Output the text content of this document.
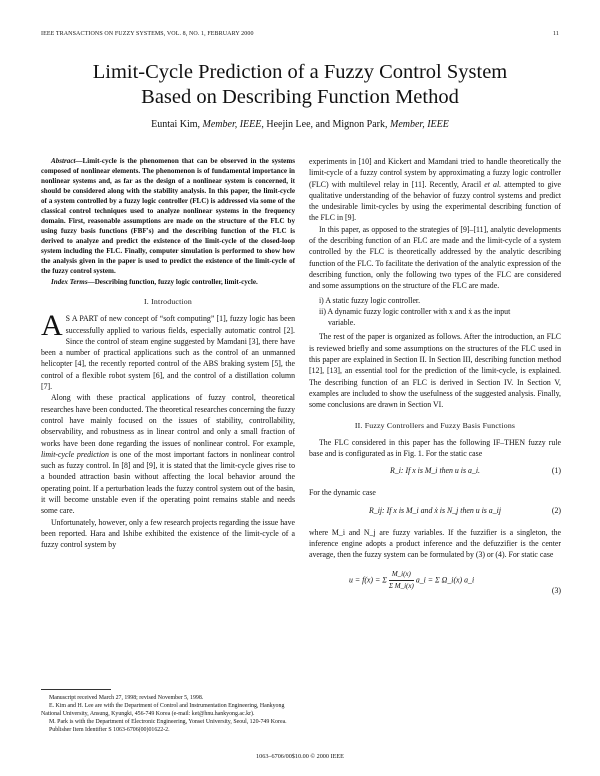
IEEE TRANSACTIONS ON FUZZY SYSTEMS, VOL. 8, NO. 1, FEBRUARY 2000	11
Limit-Cycle Prediction of a Fuzzy Control System
Based on Describing Function Method
Euntai Kim, Member, IEEE, Heejin Lee, and Mignon Park, Member, IEEE

Abstract—Limit-cycle is the phenomenon that can be observed in the systems composed of nonlinear elements. The phenomenon is of fundamental importance in nonlinear systems and, as far as the design of a nonlinear system is concerned, it should be considered along with the stability analysis. In this paper, the limit-cycle of a system controlled by a fuzzy logic controller (FLC) is addressed via some of the classical control techniques used to analyze nonlinear systems in the frequency domain. First, reasonable assumptions are made on the structure of the FLC by using fuzzy basis functions (FBF's) and the describing function of the FLC is derived to analyze and predict the existence of the limit-cycle of the closed-loop system including the FLC. Finally, computer simulation is performed to show how the analysis given in the paper is used to predict the existence of the limit-cycle of the fuzzy control system.

Index Terms—Describing function, fuzzy logic controller, limit-cycle.

I. Introduction

A S A PART of new concept of “soft computing” [1], fuzzy logic has been successfully applied to various fields, especially automatic control [2]. Since the control of steam engine suggested by Mamdani [3], there have been a number of practical applications such as the control of an unmanned helicopter [4], the recently reported control of the ABS braking system [5], the control of a flexible robot system [6], and the control of a distillation column [7].

Along with these practical applications of fuzzy control, theoretical researches have been conducted. The theoretical researches concerning the fuzzy control have mainly focused on the issues of stability, controllability, observability, and robustness as in linear control and only a small fraction of works have been done regarding the issues of nonlinear control. For example, limit-cycle prediction is one of the most important factors in nonlinear control such as fuzzy control. In [8] and [9], it is stated that the limit-cycle gives rise to a bounded attraction basin without affecting the local behavior around the operating point. If a perturbation leads the fuzzy control system out of the basin, it will become unstable even if the operating point remains stable and needs some care.

Unfortunately, however, only a few research projects regarding the issue have been reported. Hara and Ishibe exhibited the existence of the limit-cycle of a fuzzy control system by

experiments in [10] and Kickert and Mamdani tried to handle theoretically the limit-cycle of a fuzzy control system by approximating a fuzzy logic controller (FLC) with multilevel relay in [11]. Recently, Aracil et al. attempted to give qualitative understanding of the behavior of fuzzy control systems and predict the undesirable limit-cycles by using the experimental describing function of the FLC in [9].

In this paper, as opposed to the strategies of [9]–[11], analytic developments of the describing function of an FLC are made and the limit-cycle of a system controlled by the FLC is theoretically addressed by the analytic describing function of the FLC. To facilitate the derivation of the analytic expression of the describing function, only the following two types of the FLC are considered and some assumptions on the structure of the FLC are made.

i) A static fuzzy logic controller.
ii) A dynamic fuzzy logic controller with x and ẋ as the input
variable.

The rest of the paper is organized as follows. After the introduction, an FLC is reviewed briefly and some assumptions on the structures of the FLC used in this paper are explained in Section II. In Section III, describing function method [12], [13], an essential tool for the prediction of the limit-cycle, is explained. The describing function of an FLC is derived in Section IV. In Section V, examples are included to show the usefulness of the suggested analysis. Finally, some conclusions are drawn in Section VI.

II. Fuzzy Controllers and Fuzzy Basis Functions

The FLC considered in this paper has the following IF–THEN fuzzy rule base and is configurated as in Fig. 1. For the static case

R_i: If x is M_i then u is a_i.	(1)

For the dynamic case

R_ij: If x is M_i and ẋ is N_j then u is a_ij	(2)

where M_i and N_j are fuzzy variables. If the fuzzifier is a singleton, the inference engine adopts a product inference and the defuzzifier is the center average, then the fuzzy system can be formulated by (3) or (4). For static case

u = f(x) = Σ $\frac{M\_i(x)}{\text{Σ M\_i(x)}}$ a_i = Σ Ω_i(x) a_i
(3)

Manuscript received March 27, 1998; revised November 5, 1998.

E. Kim and H. Lee are with the Department of Control and Instrumentation Engineering, Hankyong National University, Ansung, Kyungki, 456-749 Korea (e-mail: ket@hnu.hankyong.ac.kr).

M. Park is with the Department of Electronic Engineering, Yonsei University, Seoul, 120-749 Korea.

Publisher Item Identifier S 1063-6706(00)01622-2.

1063–6706/00$10.00 © 2000 IEEE
